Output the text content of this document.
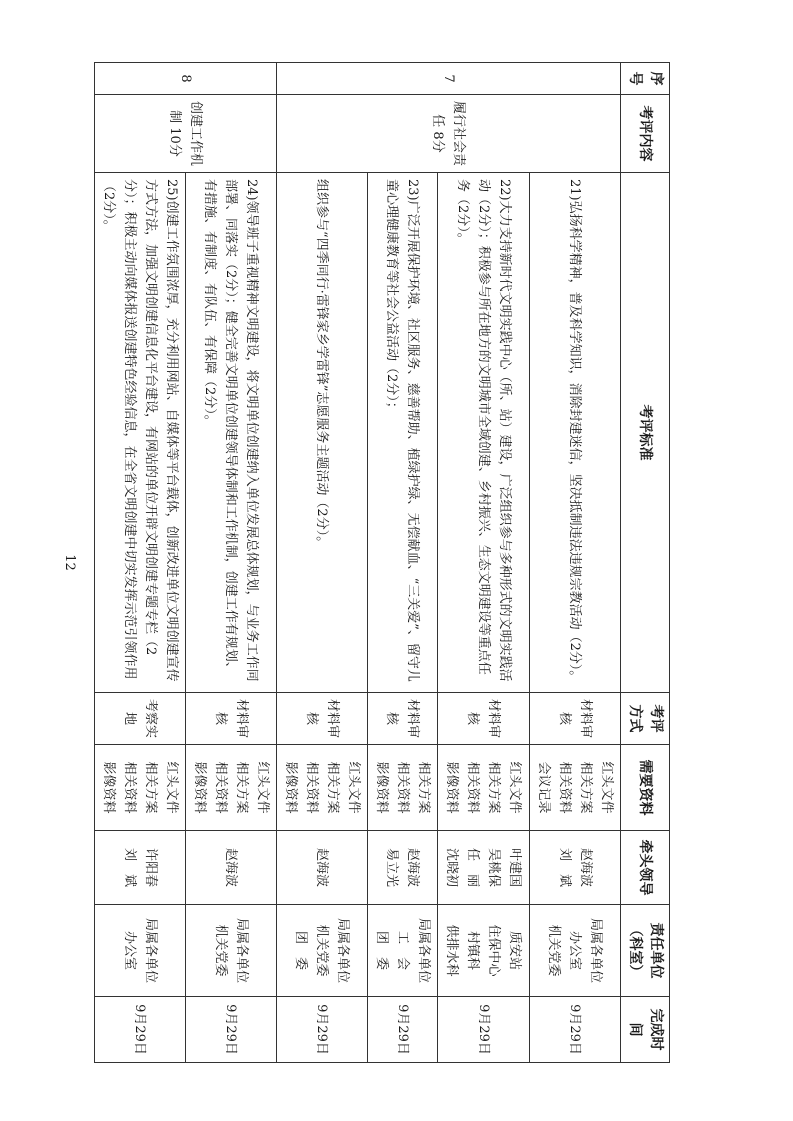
序号	考评内容	考评标准	考评方式	需要资料	牵头领导	责任单位（科室）	完成时间
7	履行社会责任 8分	21)弘扬科学精神，普及科学知识，消除封建迷信，坚决抵制违法违规宗教活动（2分）。	材料审核	红头文件
相关方案
相关资料
会议记录	赵海波
刘　斌	局属各单位
办公室
机关党委	9月29日
		22)大力支持新时代文明实践中心（所、站）建设，广泛组织参与多种形式的文明实践活动（2分）；积极参与所在地方的文明城市全域创建、乡村振兴、生态文明建设等重点任务（2分）。	材料审核	红头文件
相关方案
相关资料
影像资料	叶建国
吴桃保
任　丽
沈晓初	质安站
住保中心
村镇科
供排水科	9月29日
		23)广泛开展保护环境、社区服务、慈善帮助、植绿护绿、无偿献血、“三关爱”、留守儿童心理健康教育等社会公益活动（2分）；	材料审核	相关方案
相关资料
影像资料	赵海波
易立光	局属各单位
工　会
团　委	9月29日
		组织参与“四季同行·雷锋家乡学雷锋”志愿服务主题活动（2分）。	材料审核	红头文件
相关方案
相关资料
影像资料	赵海波	局属各单位
机关党委
团　委	9月29日
8	创建工作机制 10分	24)领导班子重视精神文明建设，将文明单位创建纳入单位发展总体规划，与业务工作同部署、同落实（2分）；健全完善文明单位创建领导体制和工作机制，创建工作有规划、有措施、有制度、有队伍、有保障（2分）。	材料审核	红头文件
相关方案
相关资料
影像资料	赵海波	局属各单位
机关党委	9月29日
		25)创建工作氛围浓厚，充分利用网站、自媒体等平台载体，创新改进单位文明创建宣传方式方法，加强文明创建信息化平台建设，有网站的单位开辟文明创建专题专栏（2分）；积极主动向媒体报送创建特色经验信息，在全省文明创建中切实发挥示范引领作用（2分）。	考察实地	红头文件
相关方案
相关资料
影像资料	许阳春
刘　斌	局属各单位
办公室	9月29日
12
